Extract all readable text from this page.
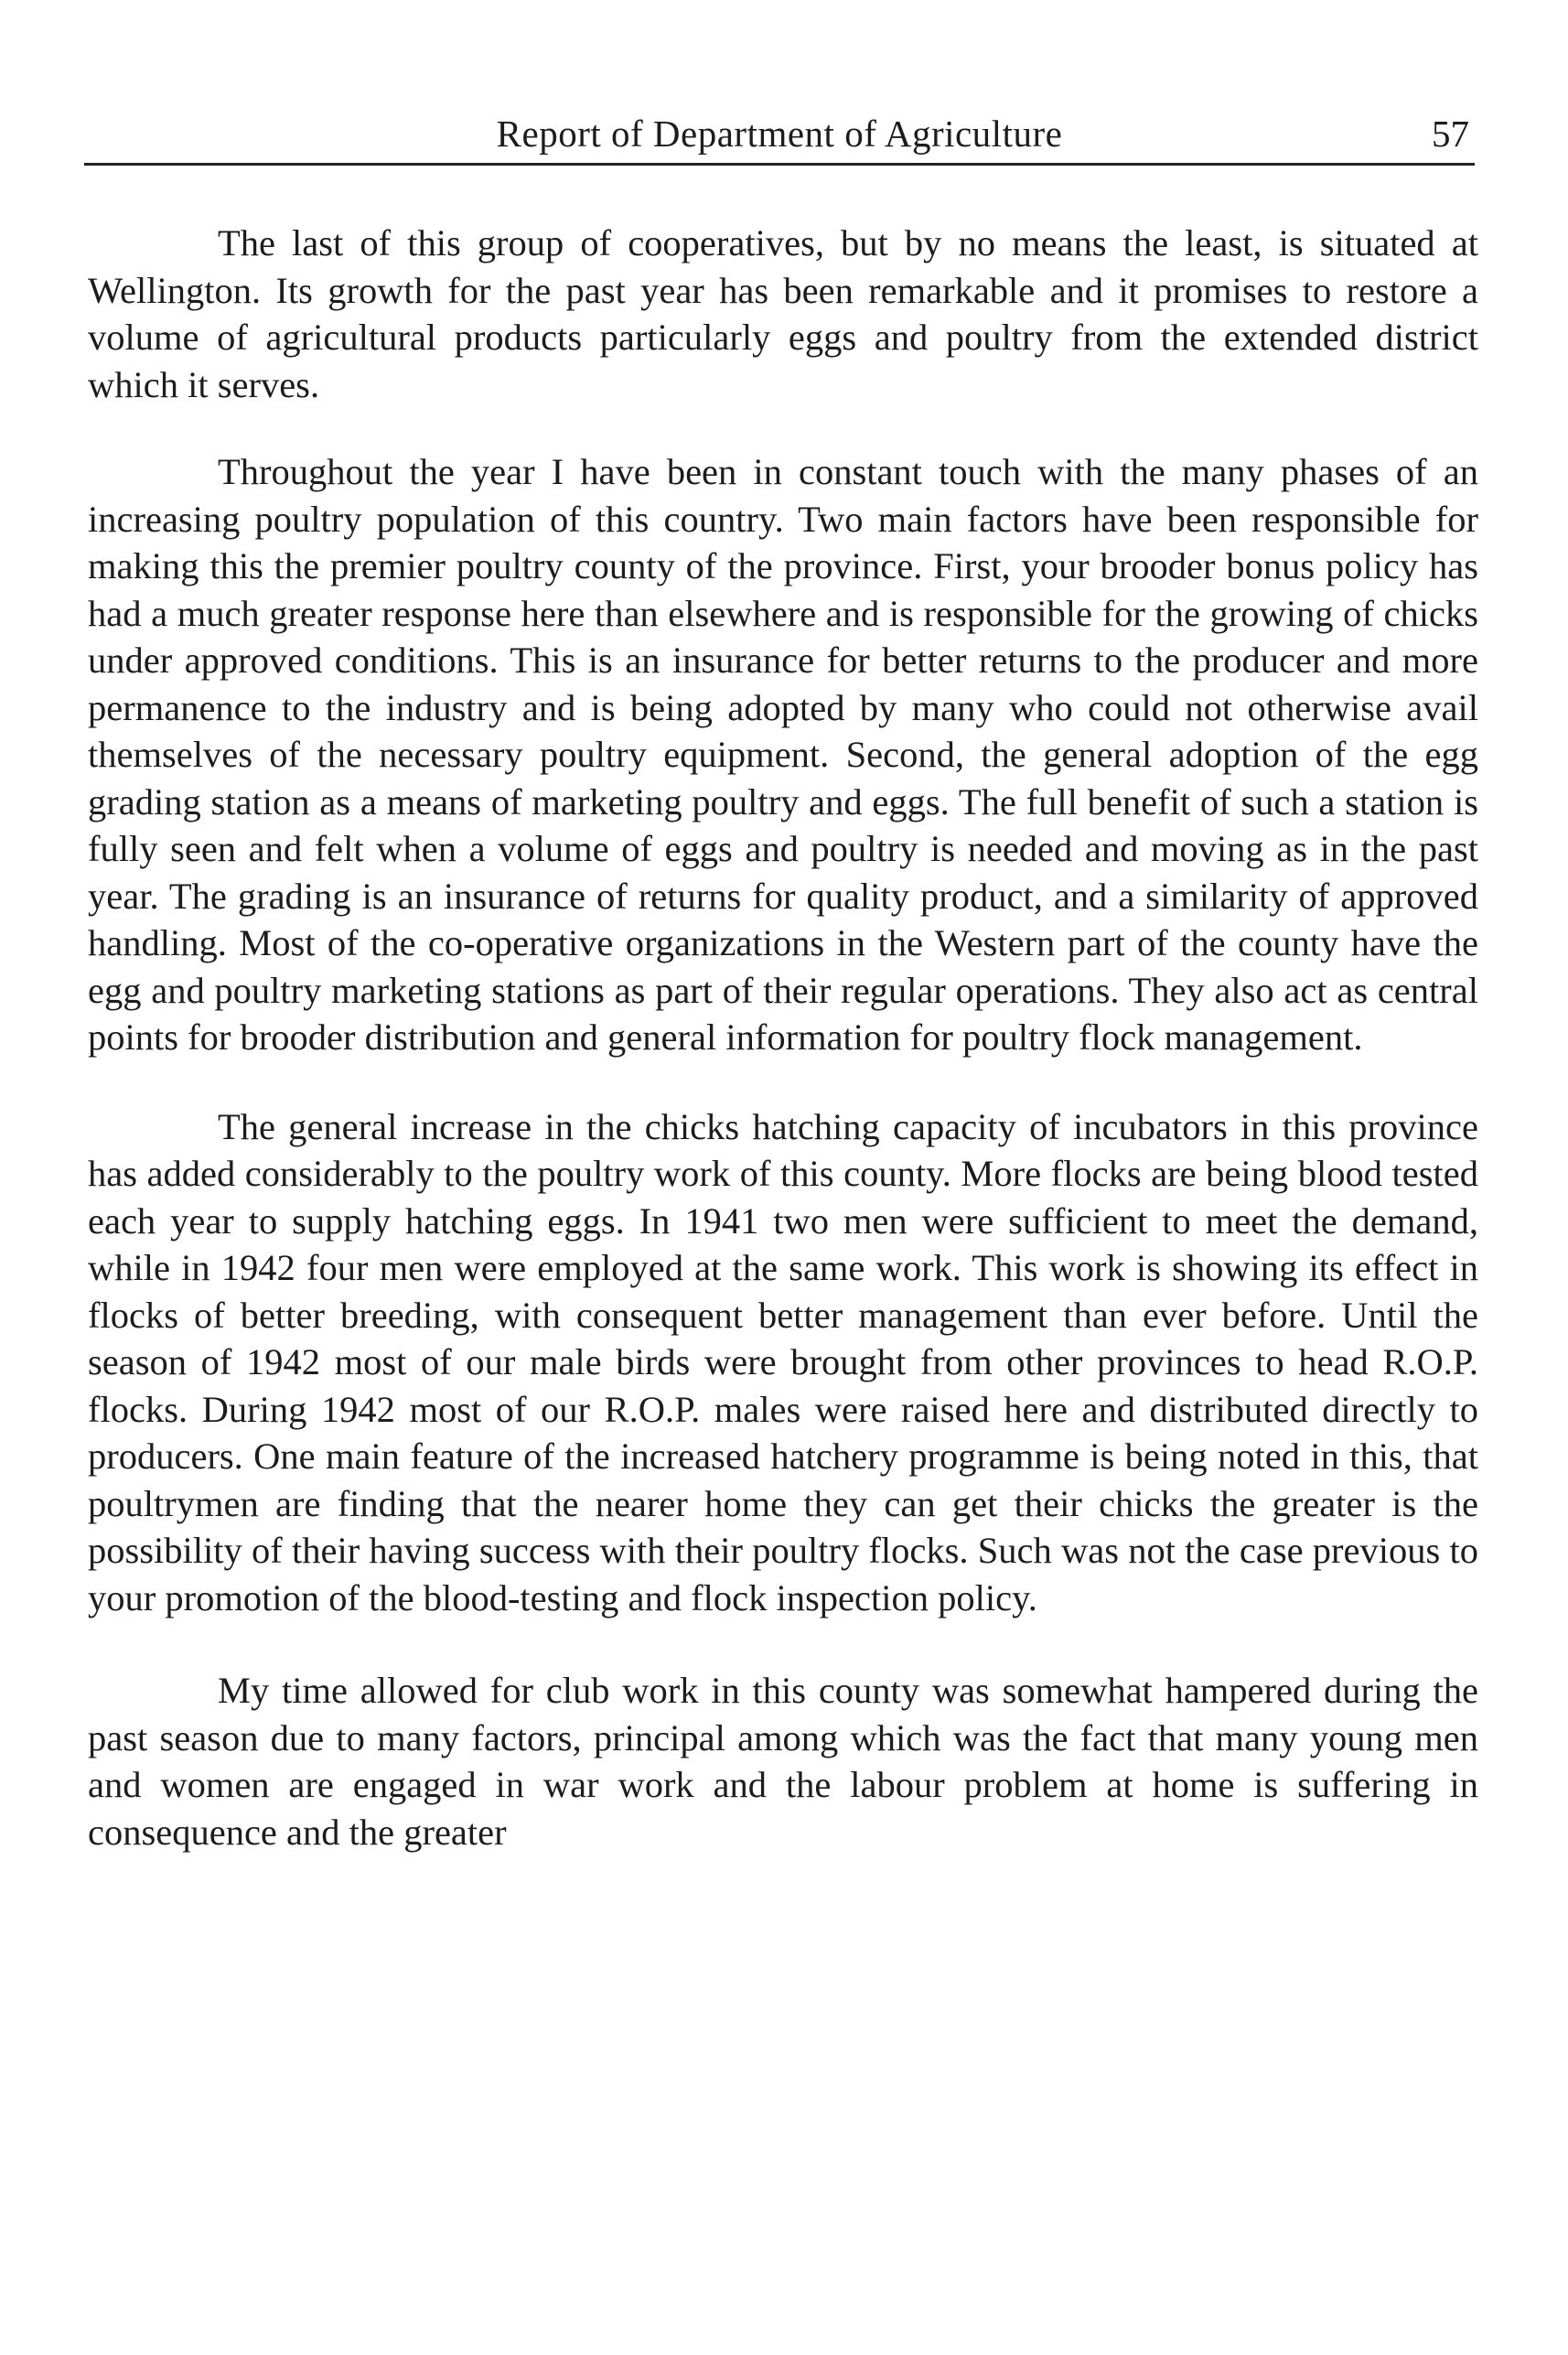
Report of Department of Agriculture	57

The last of this group of cooperatives, but by no means the least, is situated at Wellington. Its growth for the past year has been remarkable and it promises to restore a volume of agricultural products particularly eggs and poultry from the extended district which it serves.

Throughout the year I have been in constant touch with the many phases of an increasing poultry population of this country. Two main factors have been responsible for making this the premier poultry county of the province. First, your brooder bonus policy has had a much greater response here than elsewhere and is responsible for the growing of chicks under approved conditions. This is an insurance for better returns to the producer and more permanence to the industry and is being adopted by many who could not otherwise avail themselves of the necessary poultry equipment. Second, the general adoption of the egg grading station as a means of marketing poultry and eggs. The full benefit of such a station is fully seen and felt when a volume of eggs and poultry is needed and moving as in the past year. The grading is an insurance of returns for quality product, and a similarity of approved handling. Most of the co-operative organizations in the Western part of the county have the egg and poultry marketing stations as part of their regular operations. They also act as central points for brooder distribution and general information for poultry flock management.

The general increase in the chicks hatching capacity of incubators in this province has added considerably to the poultry work of this county. More flocks are being blood tested each year to supply hatching eggs. In 1941 two men were sufficient to meet the demand, while in 1942 four men were employed at the same work. This work is showing its effect in flocks of better breeding, with consequent better management than ever before. Until the season of 1942 most of our male birds were brought from other provinces to head R.O.P. flocks. During 1942 most of our R.O.P. males were raised here and distributed directly to producers. One main feature of the increased hatchery programme is being noted in this, that poultrymen are finding that the nearer home they can get their chicks the greater is the possibility of their having success with their poultry flocks. Such was not the case previous to your promotion of the blood-testing and flock inspection policy.

My time allowed for club work in this county was somewhat hampered during the past season due to many factors, principal among which was the fact that many young men and women are engaged in war work and the labour problem at home is suffering in consequence and the greater
